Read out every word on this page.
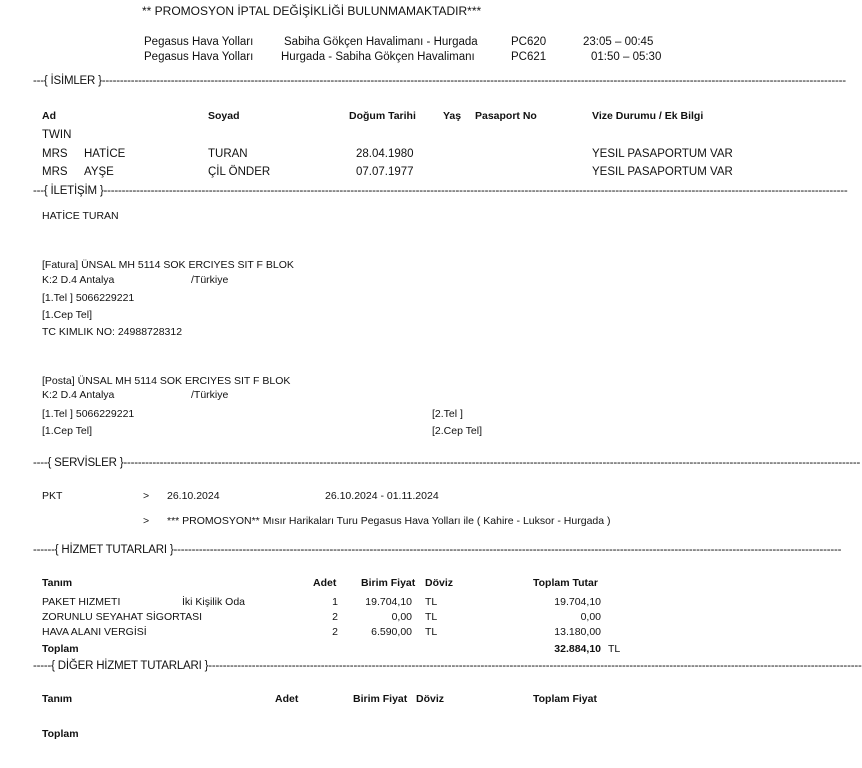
** PROMOSYON İPTAL DEĞİŞİKLİĞİ BULUNMAMAKTADIR***
Pegasus Hava Yolları	Sabiha Gökçen Havalimanı - Hurgada	PC620	23:05 – 00:45
Pegasus Hava Yolları Hurgada - Sabiha Gökçen Havalimanı	PC621	01:50 – 05:30
---{ İSİMLER }-------------------------------------------------------------------------------------------------------------------------------------------------------------------------------------------------------------
Ad	Soyad	Doğum Tarihi	Yaş Pasaport No	Vize Durumu / Ek Bilgi
TWIN
MRS HATİCE	TURAN	28.04.1980	YESIL PASAPORTUM VAR
MRS AYŞE	ÇİL ÖNDER	07.07.1977	YESIL PASAPORTUM VAR
---{ İLETİŞİM }-------------------------------------------------------------------------------------------------------------------------------------------------------------------------------------------------------------
HATİCE TURAN
[Fatura] ÜNSAL MH 5114 SOK ERCIYES SIT F BLOK
K:2 D.4 Antalya	/Türkiye
[1.Tel ] 5066229221
[1.Cep Tel]
TC KIMLIK NO: 24988728312
[Posta] ÜNSAL MH 5114 SOK ERCIYES SIT F BLOK
K:2 D.4 Antalya	/Türkiye
[1.Tel ] 5066229221	[2.Tel ]
[1.Cep Tel]	[2.Cep Tel]
----{ SERVİSLER }-----------------------------------------------------------------------------------------------------------------------------------------------------------------------------------------------------------
PKT	> 26.10.2024	26.10.2024 - 01.11.2024
> *** PROMOSYON** Mısır Harikaları Turu Pegasus Hava Yolları ile ( Kahire - Luksor - Hurgada )
------{ HİZMET TUTARLARI }----------------------------------------------------------------------------------------------------------------------------------------------------------------------------------------
Tanım	Adet Birim Fiyat Döviz	Toplam Tutar
PAKET HIZMETI	İki Kişilik Oda	1	19.704,10 TL	19.704,10
ZORUNLU SEYAHAT SİGORTASI	2	0,00 TL	0,00
HAVA ALANI VERGİSİ	2	6.590,00 TL	13.180,00
Toplam	32.884,10 TL
-----{ DİĞER HİZMET TUTARLARI }------------------------------------------------------------------------------------------------------------------------------------------------------------------------------------
Tanım	Adet	Birim Fiyat Döviz	Toplam Fiyat
Toplam
